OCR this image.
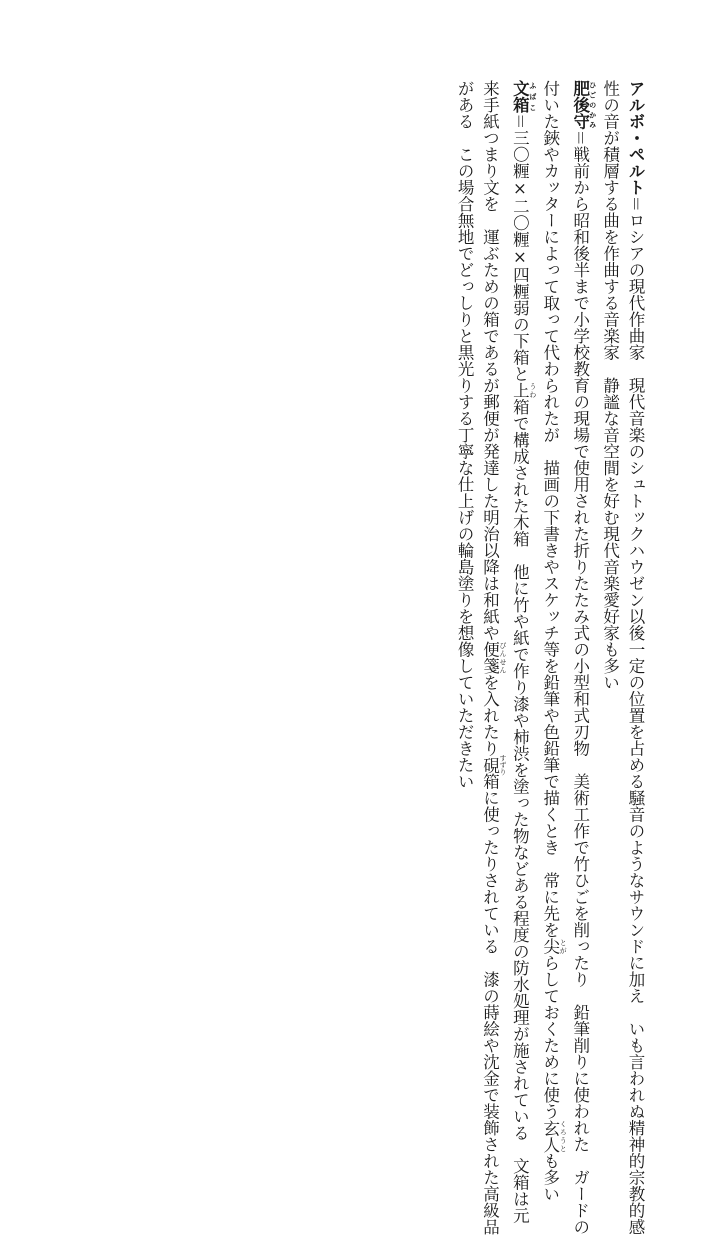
アルボ・ペルト＝ロシアの現代作曲家　現代音楽のシュトックハウゼン以後一定の位置を占める騒音のようなサウンドに加え　いも言われぬ精神的宗教的感
性の音が積層する曲を作曲する音楽家　静謐な音空間を好む現代音楽愛好家も多い
肥後守 ひごのかみ＝戦前から昭和後半まで小学校教育の現場で使用された折りたたみ式の小型和式刃物　美術工作で竹ひごを削ったり　鉛筆削りに使われた　ガードの
付いた鋏やカッターによって取って代わられたが　描画の下書きやスケッチ等を鉛筆や色鉛筆で描くとき　常に先を尖 とがらしておくために使う玄人 くろうとも多い
文箱 ふばこ＝三〇糎×二〇糎×四糎弱の下箱と上 うわ箱で構成された木箱　他に竹や紙で作り漆や柿渋を塗った物などある程度の防水処理が施されている　文箱は元
来手紙つまり文を　運ぶための箱であるが郵便が発達した明治以降は和紙や便箋 びんせんを入れたり硯 すずり箱に使ったりされている　漆の蒔絵や沈金で装飾された高級品
がある　この場合無地でどっしりと黒光りする丁寧な仕上げの輪島塗りを想像していただきたい
